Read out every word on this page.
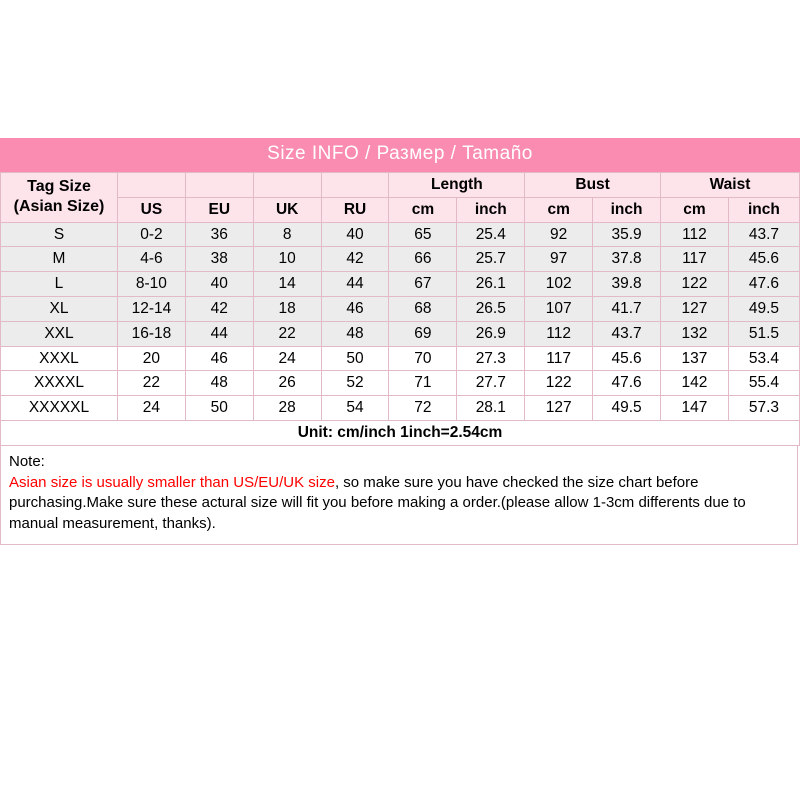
Size INFO / Размер / Tamaño
Tag Size (Asian Size)					Length		Bust		Waist	
	US	EU	UK	RU	cm	inch	cm	inch	cm	inch
S	0-2	36	8	40	65	25.4	92	35.9	112	43.7
M	4-6	38	10	42	66	25.7	97	37.8	117	45.6
L	8-10	40	14	44	67	26.1	102	39.8	122	47.6
XL	12-14	42	18	46	68	26.5	107	41.7	127	49.5
XXL	16-18	44	22	48	69	26.9	112	43.7	132	51.5
XXXL	20	46	24	50	70	27.3	117	45.6	137	53.4
XXXXL	22	48	26	52	71	27.7	122	47.6	142	55.4
XXXXXL	24	50	28	54	72	28.1	127	49.5	147	57.3
Unit: cm/inch 1inch=2.54cm										
Note:
Asian size is usually smaller than US/EU/UK size, so make sure you have checked the size chart before purchasing.Make sure these actural size will fit you before making a order.(please allow 1-3cm differents due to manual measurement, thanks).
